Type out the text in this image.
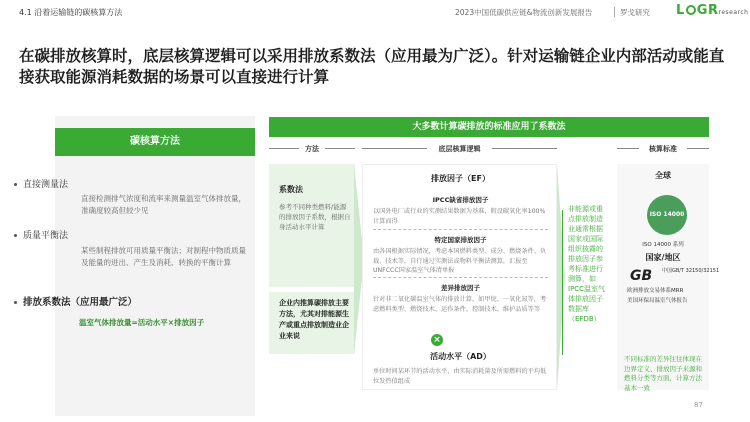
4.1 沿着运输链的碳核算方法	2023中国低碳供应链&物流创新发展报告	罗戈研究 L GRresearch
在碳排放核算时，底层核算逻辑可以采用排放系数法（应用最为广泛）。针对运输链企业内部活动或能直接获取能源消耗数据的场景可以直接进行计算
碳核算方法
直接测量法
直接检测排气浓度和流率来测量温室气体排放量，准确度较高但较少见
质量平衡法
某些制程排放可用质量平衡法；对制程中物质质量及能量的进出、产生及消耗、转换的平衡计算
排放系数法（应用最广泛）
温室气体排放量=活动水平×排放因子
大多数计算碳排放的标准应用了系数法
方法	底层核算逻辑	核算标准
系数法
参考不同种类燃料/能源的排放因子系数，根据自身活动水平计算
企业内推算碳排放主要方法，尤其对排能源生产或重点排放制造业企业来说
排放因子（EF）
IPCC缺省排放因子
以国外电厂或行业的实测结果数据为基准，假设碳氧化率100%计算而得
特定国家排放因子
由各国根据实际情况，考虑本国燃料类型、成分、燃烧条件、负载、技术等，自行通过实测法或物料平衡法测算，汇报至UNFCCC国家温室气体清单报
差异排放因子
针对非二氧化碳温室气体的排放计算，如甲烷、一氧化氮等，考虑燃料类型、燃烧技术、运作条件、控制技术、维护品质等等
活动水平（AD）
单位时间某环节的活动水平，由实际消耗量及所需燃料的平均低位发热值组成
×
非能源或重点排放制造业通常根据国家或国际组织披露的排放因子参考标准进行测算，如IPCC温室气体排放因子数据库（EFDB）
全球
ISO 14000 系列
国家/地区
ISO 14000
GB 中国GB/T 32150/32151
欧洲排放交易体系MRR
美国环保局温室气体报告
不同标准的差异往往体现在边界定义、排放因子来源和燃料分类等方面，计算方法基本一致
87
